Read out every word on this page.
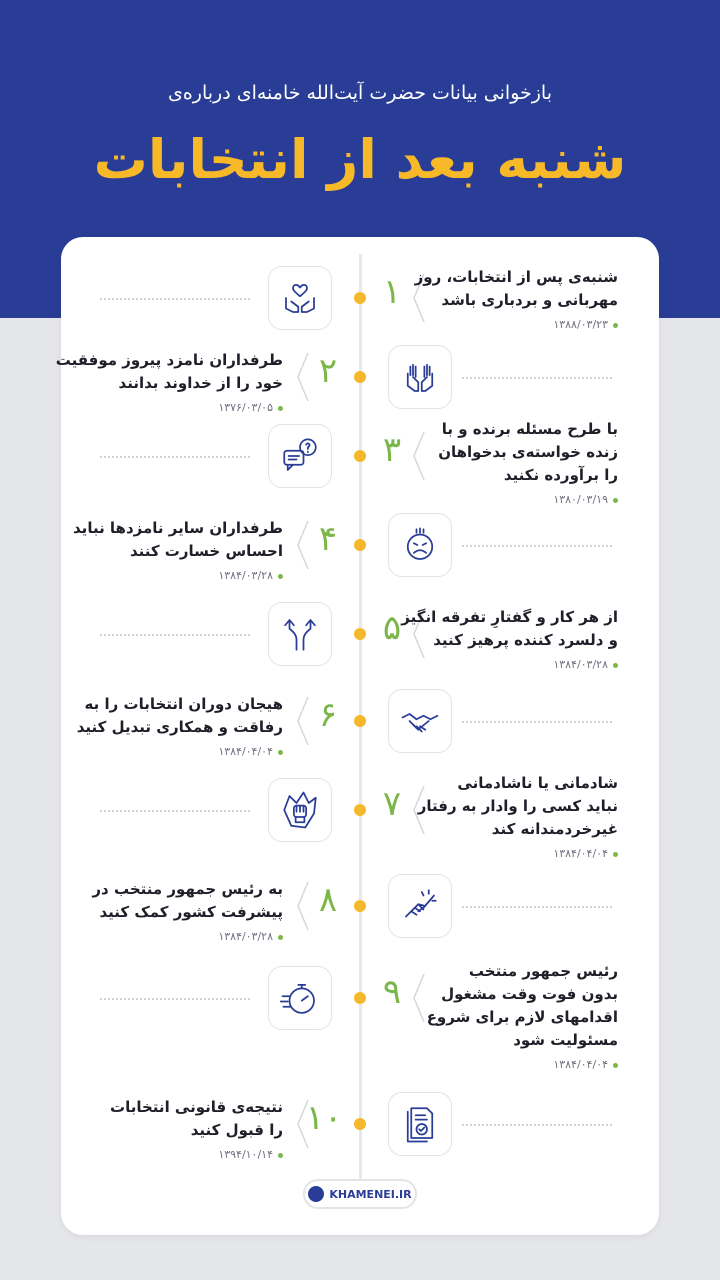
بازخوانی بیانات حضرت آیت‌الله خامنه‌ای درباره‌ی
شنبه بعد از انتخابات
۱ شنبه‌ی پس از انتخابات، روز
مهربانی و بردباری باشد
۱۳۸۸/۰۳/۲۳
طرفداران نامزد پیروز موفقیت
خود را از خداوند بدانند
۱۳۷۶/۰۳/۰۵
۲
۳
با طرح مسئله برنده و با
زنده خواسته‌ی بدخواهان
را برآورده نکنید
۱۳۸۰/۰۳/۱۹
طرفداران سایر نامزدها نباید
احساس خسارت کنند
۱۳۸۴/۰۳/۲۸
۴
۵ از هر کار و گفتارِ تفرقه انگیز
و دلسرد کننده پرهیز کنید
۱۳۸۴/۰۳/۲۸
هیجان دوران انتخابات را به
رفاقت و همکاری تبدیل کنید
۱۳۸۴/۰۴/۰۴
۶
۷
شادمانی یا ناشادمانی
نباید کسی را وادار به رفتار
غیرخردمندانه کند
۱۳۸۴/۰۴/۰۴
به رئیس جمهور منتخب در
پیشرفت کشور کمک کنید
۱۳۸۴/۰۳/۲۸
۸
۹
رئیس جمهور منتخب
بدون فوت وقت مشغول
اقدامهای لازم برای شروع
مسئولیت شود
۱۳۸۴/۰۴/۰۴
نتیجه‌ی قانونی انتخابات
را قبول کنید
۱۳۹۴/۱۰/۱۴
۱۰
KHAMENEI.IR
